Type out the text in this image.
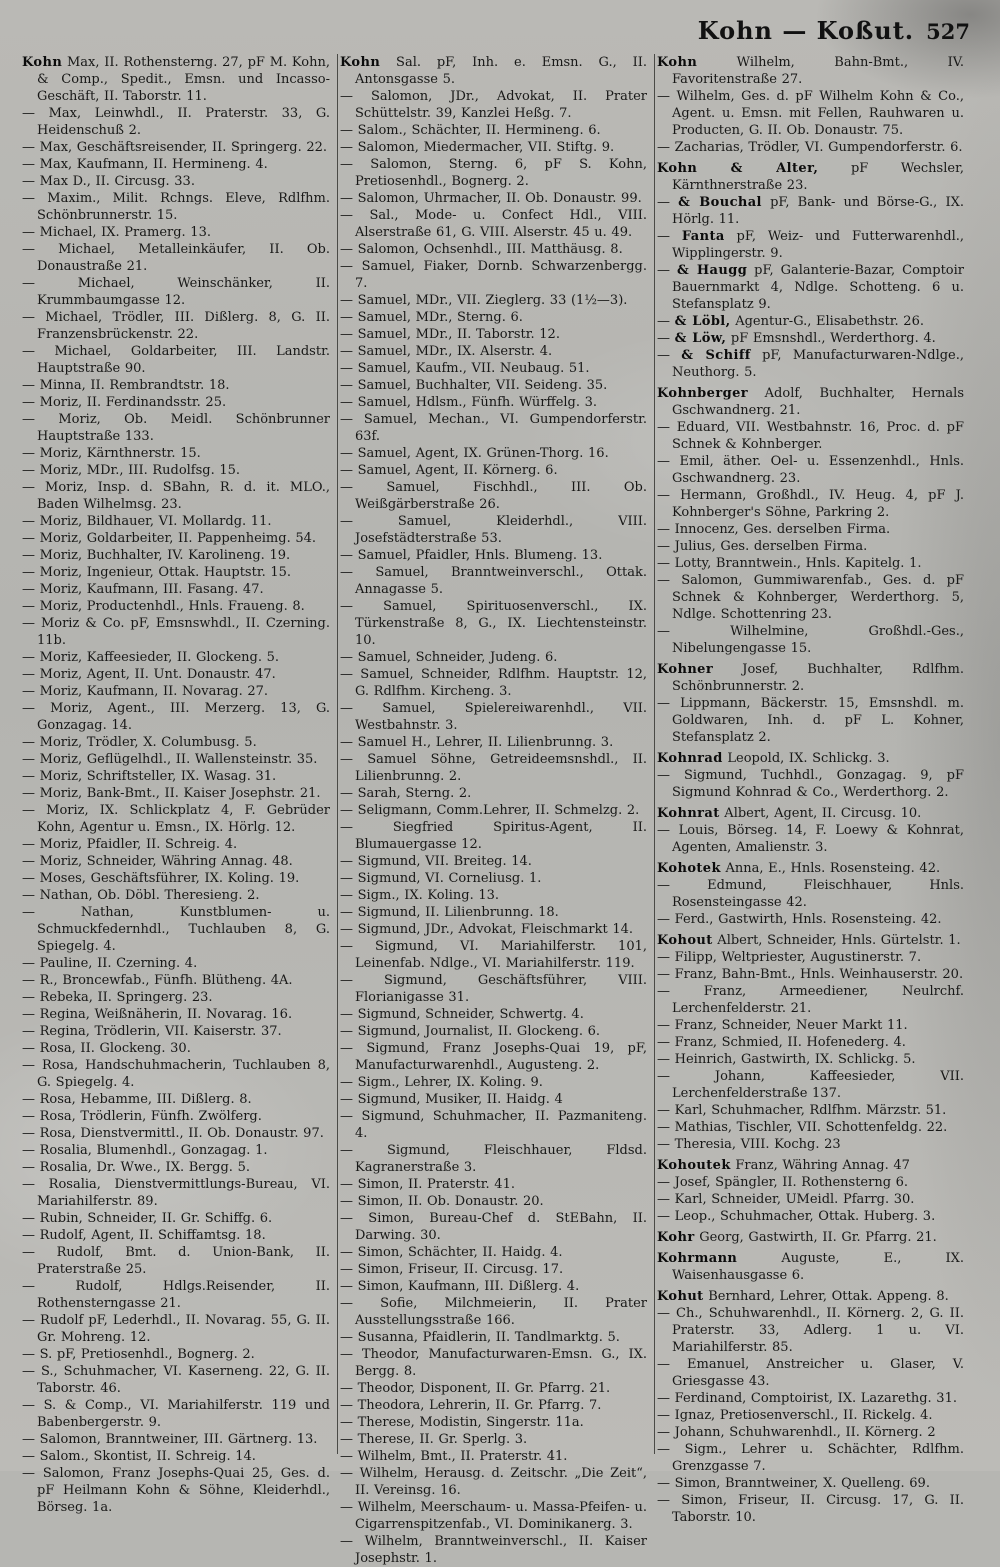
Kohn — Koßut. 527

Kohn Max, II. Rothensterng. 27, pF M. Kohn, & Comp., Spedit., Emsn. und Incasso-Geschäft, II. Taborstr. 11.

— Max, Leinwhdl., II. Praterstr. 33, G. Heidenschuß 2.

— Max, Geschäftsreisender, II. Springerg. 22.

— Max, Kaufmann, II. Hermineng. 4.

— Max D., II. Circusg. 33.

— Maxim., Milit. Rchngs. Eleve, Rdlfhm. Schönbrunnerstr. 15.

— Michael, IX. Pramerg. 13.

— Michael, Metalleinkäufer, II. Ob. Donaustraße 21.

— Michael, Weinschänker, II. Krummbaumgasse 12.

— Michael, Trödler, III. Dißlerg. 8, G. II. Franzensbrückenstr. 22.

— Michael, Goldarbeiter, III. Landstr. Hauptstraße 90.

— Minna, II. Rembrandtstr. 18.

— Moriz, II. Ferdinandsstr. 25.

— Moriz, Ob. Meidl. Schönbrunner Hauptstraße 133.

— Moriz, Kärnthnerstr. 15.

— Moriz, MDr., III. Rudolfsg. 15.

— Moriz, Insp. d. SBahn, R. d. it. MLO., Baden Wilhelmsg. 23.

— Moriz, Bildhauer, VI. Mollardg. 11.

— Moriz, Goldarbeiter, II. Pappenheimg. 54.

— Moriz, Buchhalter, IV. Karolineng. 19.

— Moriz, Ingenieur, Ottak. Hauptstr. 15.

— Moriz, Kaufmann, III. Fasang. 47.

— Moriz, Productenhdl., Hnls. Fraueng. 8.

— Moriz & Co. pF, Emsnswhdl., II. Czerning. 11b.

— Moriz, Kaffeesieder, II. Glockeng. 5.

— Moriz, Agent, II. Unt. Donaustr. 47.

— Moriz, Kaufmann, II. Novarag. 27.

— Moriz, Agent., III. Merzerg. 13, G. Gonzagag. 14.

— Moriz, Trödler, X. Columbusg. 5.

— Moriz, Geflügelhdl., II. Wallensteinstr. 35.

— Moriz, Schriftsteller, IX. Wasag. 31.

— Moriz, Bank-Bmt., II. Kaiser Josephstr. 21.

— Moriz, IX. Schlickplatz 4, F. Gebrüder Kohn, Agentur u. Emsn., IX. Hörlg. 12.

— Moriz, Pfaidler, II. Schreig. 4.

— Moriz, Schneider, Währing Annag. 48.

— Moses, Geschäftsführer, IX. Koling. 19.

— Nathan, Ob. Döbl. Theresieng. 2.

— Nathan, Kunstblumen- u. Schmuckfedernhdl., Tuchlauben 8, G. Spiegelg. 4.

— Pauline, II. Czerning. 4.

— R., Broncewfab., Fünfh. Blütheng. 4A.

— Rebeka, II. Springerg. 23.

— Regina, Weißnäherin, II. Novarag. 16.

— Regina, Trödlerin, VII. Kaiserstr. 37.

— Rosa, II. Glockeng. 30.

— Rosa, Handschuhmacherin, Tuchlauben 8, G. Spiegelg. 4.

— Rosa, Hebamme, III. Dißlerg. 8.

— Rosa, Trödlerin, Fünfh. Zwölferg.

— Rosa, Dienstvermittl., II. Ob. Donaustr. 97.

— Rosalia, Blumenhdl., Gonzagag. 1.

— Rosalia, Dr. Wwe., IX. Bergg. 5.

— Rosalia, Dienstvermittlungs-Bureau, VI. Mariahilferstr. 89.

— Rubin, Schneider, II. Gr. Schiffg. 6.

— Rudolf, Agent, II. Schiffamtsg. 18.

— Rudolf, Bmt. d. Union-Bank, II. Praterstraße 25.

— Rudolf, Hdlgs.Reisender, II. Rothensterngasse 21.

— Rudolf pF, Lederhdl., II. Novarag. 55, G. II. Gr. Mohreng. 12.

— S. pF, Pretiosenhdl., Bognerg. 2.

— S., Schuhmacher, VI. Kaserneng. 22, G. II. Taborstr. 46.

— S. & Comp., VI. Mariahilferstr. 119 und Babenbergerstr. 9.

— Salomon, Branntweiner, III. Gärtnerg. 13.

— Salom., Skontist, II. Schreig. 14.

— Salomon, Franz Josephs-Quai 25, Ges. d. pF Heilmann Kohn & Söhne, Kleiderhdl., Börseg. 1a.

Kohn Sal. pF, Inh. e. Emsn. G., II. Antonsgasse 5.

— Salomon, JDr., Advokat, II. Prater Schüttelstr. 39, Kanzlei Heßg. 7.

— Salom., Schächter, II. Hermineng. 6.

— Salomon, Miedermacher, VII. Stiftg. 9.

— Salomon, Sterng. 6, pF S. Kohn, Pretiosenhdl., Bognerg. 2.

— Salomon, Uhrmacher, II. Ob. Donaustr. 99.

— Sal., Mode- u. Confect Hdl., VIII. Alserstraße 61, G. VIII. Alserstr. 45 u. 49.

— Salomon, Ochsenhdl., III. Matthäusg. 8.

— Samuel, Fiaker, Dornb. Schwarzenbergg. 7.

— Samuel, MDr., VII. Zieglerg. 33 (1½—3).

— Samuel, MDr., Sterng. 6.

— Samuel, MDr., II. Taborstr. 12.

— Samuel, MDr., IX. Alserstr. 4.

— Samuel, Kaufm., VII. Neubaug. 51.

— Samuel, Buchhalter, VII. Seideng. 35.

— Samuel, Hdlsm., Fünfh. Würffelg. 3.

— Samuel, Mechan., VI. Gumpendorferstr. 63f.

— Samuel, Agent, IX. Grünen-Thorg. 16.

— Samuel, Agent, II. Körnerg. 6.

— Samuel, Fischhdl., III. Ob. Weißgärberstraße 26.

— Samuel, Kleiderhdl., VIII. Josefstädterstraße 53.

— Samuel, Pfaidler, Hnls. Blumeng. 13.

— Samuel, Branntweinverschl., Ottak. Annagasse 5.

— Samuel, Spirituosenverschl., IX. Türkenstraße 8, G., IX. Liechtensteinstr. 10.

— Samuel, Schneider, Judeng. 6.

— Samuel, Schneider, Rdlfhm. Hauptstr. 12, G. Rdlfhm. Kircheng. 3.

— Samuel, Spielereiwarenhdl., VII. Westbahnstr. 3.

— Samuel H., Lehrer, II. Lilienbrunng. 3.

— Samuel Söhne, Getreideemsnshdl., II. Lilienbrunng. 2.

— Sarah, Sterng. 2.

— Seligmann, Comm.Lehrer, II. Schmelzg. 2.

— Siegfried Spiritus-Agent, II. Blumauergasse 12.

— Sigmund, VII. Breiteg. 14.

— Sigmund, VI. Corneliusg. 1.

— Sigm., IX. Koling. 13.

— Sigmund, II. Lilienbrunng. 18.

— Sigmund, JDr., Advokat, Fleischmarkt 14.

— Sigmund, VI. Mariahilferstr. 101, Leinenfab. Ndlge., VI. Mariahilferstr. 119.

— Sigmund, Geschäftsführer, VIII. Florianigasse 31.

— Sigmund, Schneider, Schwertg. 4.

— Sigmund, Journalist, II. Glockeng. 6.

— Sigmund, Franz Josephs-Quai 19, pF, Manufacturwarenhdl., Augusteng. 2.

— Sigm., Lehrer, IX. Koling. 9.

— Sigmund, Musiker, II. Haidg. 4

— Sigmund, Schuhmacher, II. Pazmaniteng. 4.

— Sigmund, Fleischhauer, Fldsd. Kagranerstraße 3.

— Simon, II. Praterstr. 41.

— Simon, II. Ob. Donaustr. 20.

— Simon, Bureau-Chef d. StEBahn, II. Darwing. 30.

— Simon, Schächter, II. Haidg. 4.

— Simon, Friseur, II. Circusg. 17.

— Simon, Kaufmann, III. Dißlerg. 4.

— Sofie, Milchmeierin, II. Prater Ausstellungsstraße 166.

— Susanna, Pfaidlerin, II. Tandlmarktg. 5.

— Theodor, Manufacturwaren-Emsn. G., IX. Bergg. 8.

— Theodor, Disponent, II. Gr. Pfarrg. 21.

— Theodora, Lehrerin, II. Gr. Pfarrg. 7.

— Therese, Modistin, Singerstr. 11a.

— Therese, II. Gr. Sperlg. 3.

— Wilhelm, Bmt., II. Praterstr. 41.

— Wilhelm, Herausg. d. Zeitschr. „Die Zeit“, II. Vereinsg. 16.

— Wilhelm, Meerschaum- u. Massa-Pfeifen- u. Cigarrenspitzenfab., VI. Dominikanerg. 3.

— Wilhelm, Branntweinverschl., II. Kaiser Josephstr. 1.

Kohn Wilhelm, Bahn-Bmt., IV. Favoritenstraße 27.

— Wilhelm, Ges. d. pF Wilhelm Kohn & Co., Agent. u. Emsn. mit Fellen, Rauhwaren u. Producten, G. II. Ob. Donaustr. 75.

— Zacharias, Trödler, VI. Gumpendorferstr. 6.

Kohn & Alter, pF Wechsler, Kärnthnerstraße 23.

— & Bouchal pF, Bank- und Börse-G., IX. Hörlg. 11.

— Fanta pF, Weiz- und Futterwarenhdl., Wipplingerstr. 9.

— & Haugg pF, Galanterie-Bazar, Comptoir Bauernmarkt 4, Ndlge. Schotteng. 6 u. Stefansplatz 9.

— & Löbl, Agentur-G., Elisabethstr. 26.

— & Löw, pF Emsnshdl., Werderthorg. 4.

— & Schiff pF, Manufacturwaren-Ndlge., Neuthorg. 5.

Kohnberger Adolf, Buchhalter, Hernals Gschwandnerg. 21.

— Eduard, VII. Westbahnstr. 16, Proc. d. pF Schnek & Kohnberger.

— Emil, äther. Oel- u. Essenzenhdl., Hnls. Gschwandnerg. 23.

— Hermann, Großhdl., IV. Heug. 4, pF J. Kohnberger's Söhne, Parkring 2.

— Innocenz, Ges. derselben Firma.

— Julius, Ges. derselben Firma.

— Lotty, Branntwein., Hnls. Kapitelg. 1.

— Salomon, Gummiwarenfab., Ges. d. pF Schnek & Kohnberger, Werderthorg. 5, Ndlge. Schottenring 23.

— Wilhelmine, Großhdl.-Ges., Nibelungengasse 15.

Kohner Josef, Buchhalter, Rdlfhm. Schönbrunnerstr. 2.

— Lippmann, Bäckerstr. 15, Emsnshdl. m. Goldwaren, Inh. d. pF L. Kohner, Stefansplatz 2.

Kohnrad Leopold, IX. Schlickg. 3.

— Sigmund, Tuchhdl., Gonzagag. 9, pF Sigmund Kohnrad & Co., Werderthorg. 2.

Kohnrat Albert, Agent, II. Circusg. 10.

— Louis, Börseg. 14, F. Loewy & Kohnrat, Agenten, Amalienstr. 3.

Kohotek Anna, E., Hnls. Rosensteing. 42.

— Edmund, Fleischhauer, Hnls. Rosensteingasse 42.

— Ferd., Gastwirth, Hnls. Rosensteing. 42.

Kohout Albert, Schneider, Hnls. Gürtelstr. 1.

— Filipp, Weltpriester, Augustinerstr. 7.

— Franz, Bahn-Bmt., Hnls. Weinhauserstr. 20.

— Franz, Armeediener, Neulrchf. Lerchenfelderstr. 21.

— Franz, Schneider, Neuer Markt 11.

— Franz, Schmied, II. Hofenederg. 4.

— Heinrich, Gastwirth, IX. Schlickg. 5.

— Johann, Kaffeesieder, VII. Lerchenfelderstraße 137.

— Karl, Schuhmacher, Rdlfhm. Märzstr. 51.

— Mathias, Tischler, VII. Schottenfeldg. 22.

— Theresia, VIII. Kochg. 23

Kohoutek Franz, Währing Annag. 47

— Josef, Spängler, II. Rothensterng 6.

— Karl, Schneider, UMeidl. Pfarrg. 30.

— Leop., Schuhmacher, Ottak. Huberg. 3.

Kohr Georg, Gastwirth, II. Gr. Pfarrg. 21.

Kohrmann Auguste, E., IX. Waisenhausgasse 6.

Kohut Bernhard, Lehrer, Ottak. Appeng. 8.

— Ch., Schuhwarenhdl., II. Körnerg. 2, G. II. Praterstr. 33, Adlerg. 1 u. VI. Mariahilferstr. 85.

— Emanuel, Anstreicher u. Glaser, V. Griesgasse 43.

— Ferdinand, Comptoirist, IX. Lazarethg. 31.

— Ignaz, Pretiosenverschl., II. Rickelg. 4.

— Johann, Schuhwarenhdl., II. Körnerg. 2

— Sigm., Lehrer u. Schächter, Rdlfhm. Grenzgasse 7.

— Simon, Branntweiner, X. Quelleng. 69.

— Simon, Friseur, II. Circusg. 17, G. II. Taborstr. 10.
